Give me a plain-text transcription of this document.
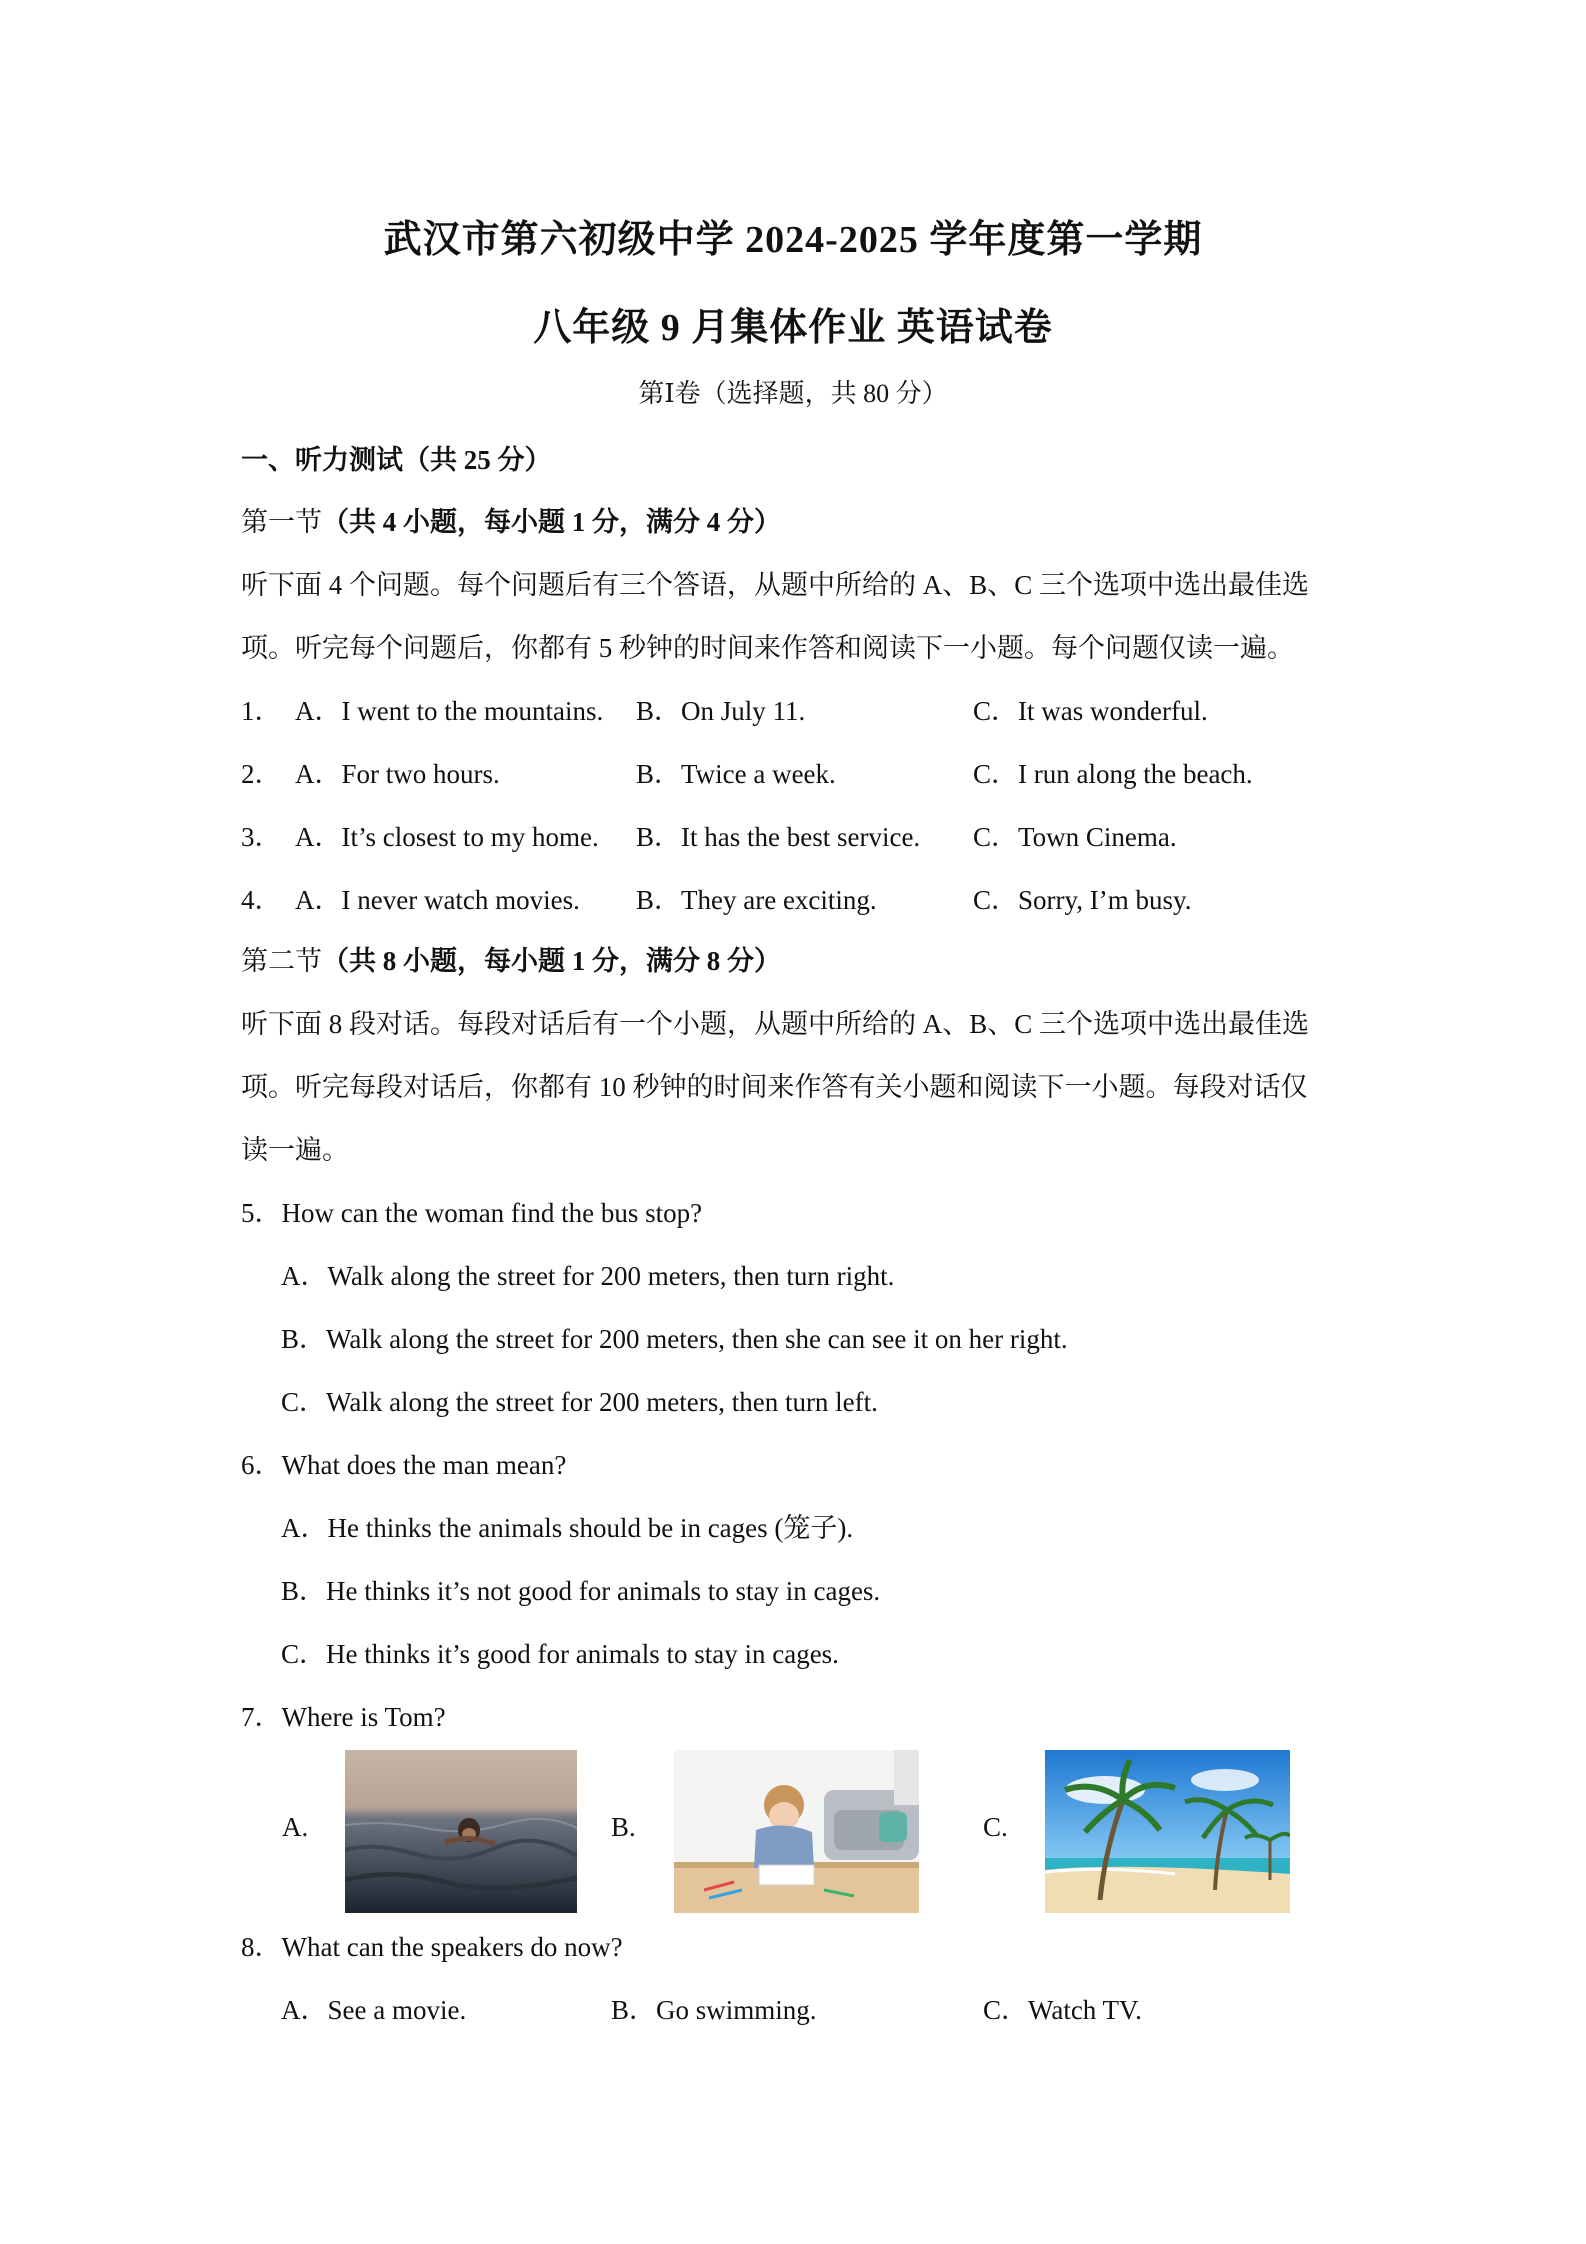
武汉市第六初级中学 2024-2025 学年度第一学期
八年级 9 月集体作业 英语试卷
第Ⅰ卷（选择题，共 80 分）
一、听力测试（共 25 分）
第一节（共 4 小题，每小题 1 分，满分 4 分）
听下面 4 个问题。每个问题后有三个答语，从题中所给的 A、B、C 三个选项中选出最佳选
项。听完每个问题后，你都有 5 秒钟的时间来作答和阅读下一小题。每个问题仅读一遍。
1． A．I went to the mountains. B．On July 11.	C．It was wonderful.
2． A．For two hours.	B．Twice a week.	C．I run along the beach.
3． A．It’s closest to my home. B．It has the best service. C．Town Cinema.
4． A．I never watch movies. B．They are exciting.	C．Sorry, I’m busy.
第二节（共 8 小题，每小题 1 分，满分 8 分）
听下面 8 段对话。每段对话后有一个小题，从题中所给的 A、B、C 三个选项中选出最佳选
项。听完每段对话后，你都有 10 秒钟的时间来作答有关小题和阅读下一小题。每段对话仅
读一遍。
5．How can the woman find the bus stop?
A．Walk along the street for 200 meters, then turn right.
B．Walk along the street for 200 meters, then she can see it on her right.
C．Walk along the street for 200 meters, then turn left.
6．What does the man mean?
A．He thinks the animals should be in cages (笼子).
B．He thinks it’s not good for animals to stay in cages.
C．He thinks it’s good for animals to stay in cages.
7．Where is Tom?
A.	B.	C.
8．What can the speakers do now?
A．See a movie.	B．Go swimming.	C．Watch TV.
